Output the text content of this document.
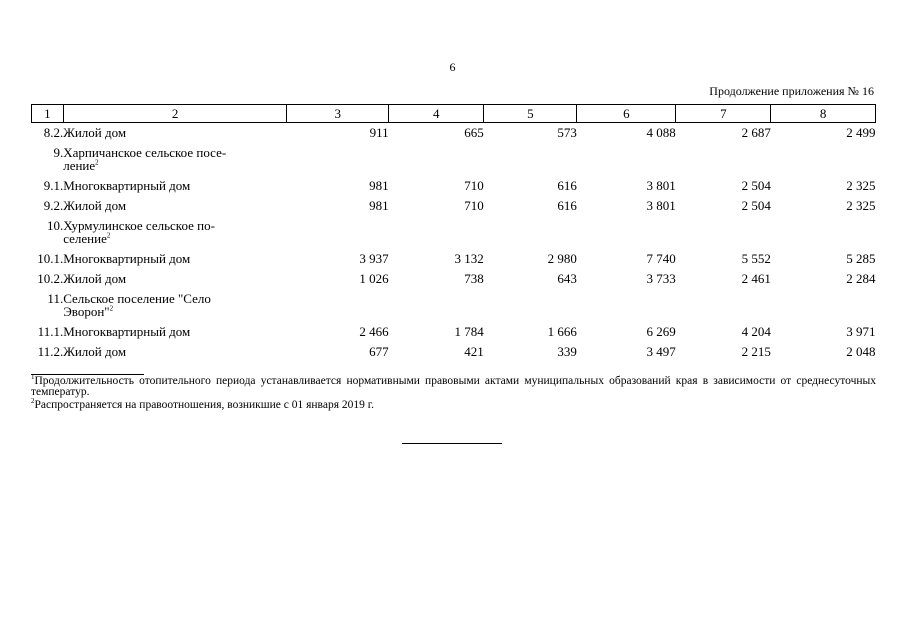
6
Продолжение приложения № 16
1	2	3	4	5	6	7	8
8.2.	Жилой дом	911	665	573	4 088	2 687	2 499
9.	Харпичанское сельское посе-
ление$^2$						
9.1.	Многоквартирный дом	981	710	616	3 801	2 504	2 325
9.2.	Жилой дом	981	710	616	3 801	2 504	2 325
10.	Хурмулинское сельское по-
селение$^2$						
10.1.	Многоквартирный дом	3 937	3 132	2 980	7 740	5 552	5 285
10.2.	Жилой дом	1 026	738	643	3 733	2 461	2 284
11.	Сельское поселение "Село
Эворон"$^2$						
11.1.	Многоквартирный дом	2 466	1 784	1 666	6 269	4 204	3 971
11.2.	Жилой дом	677	421	339	3 497	2 215	2 048
$^1$Продолжительность отопительного периода устанавливается нормативными правовыми актами муниципальных образований края в зависимости от среднесуточных температур.
$^2$Распространяется на правоотношения, возникшие с 01 января 2019 г.
